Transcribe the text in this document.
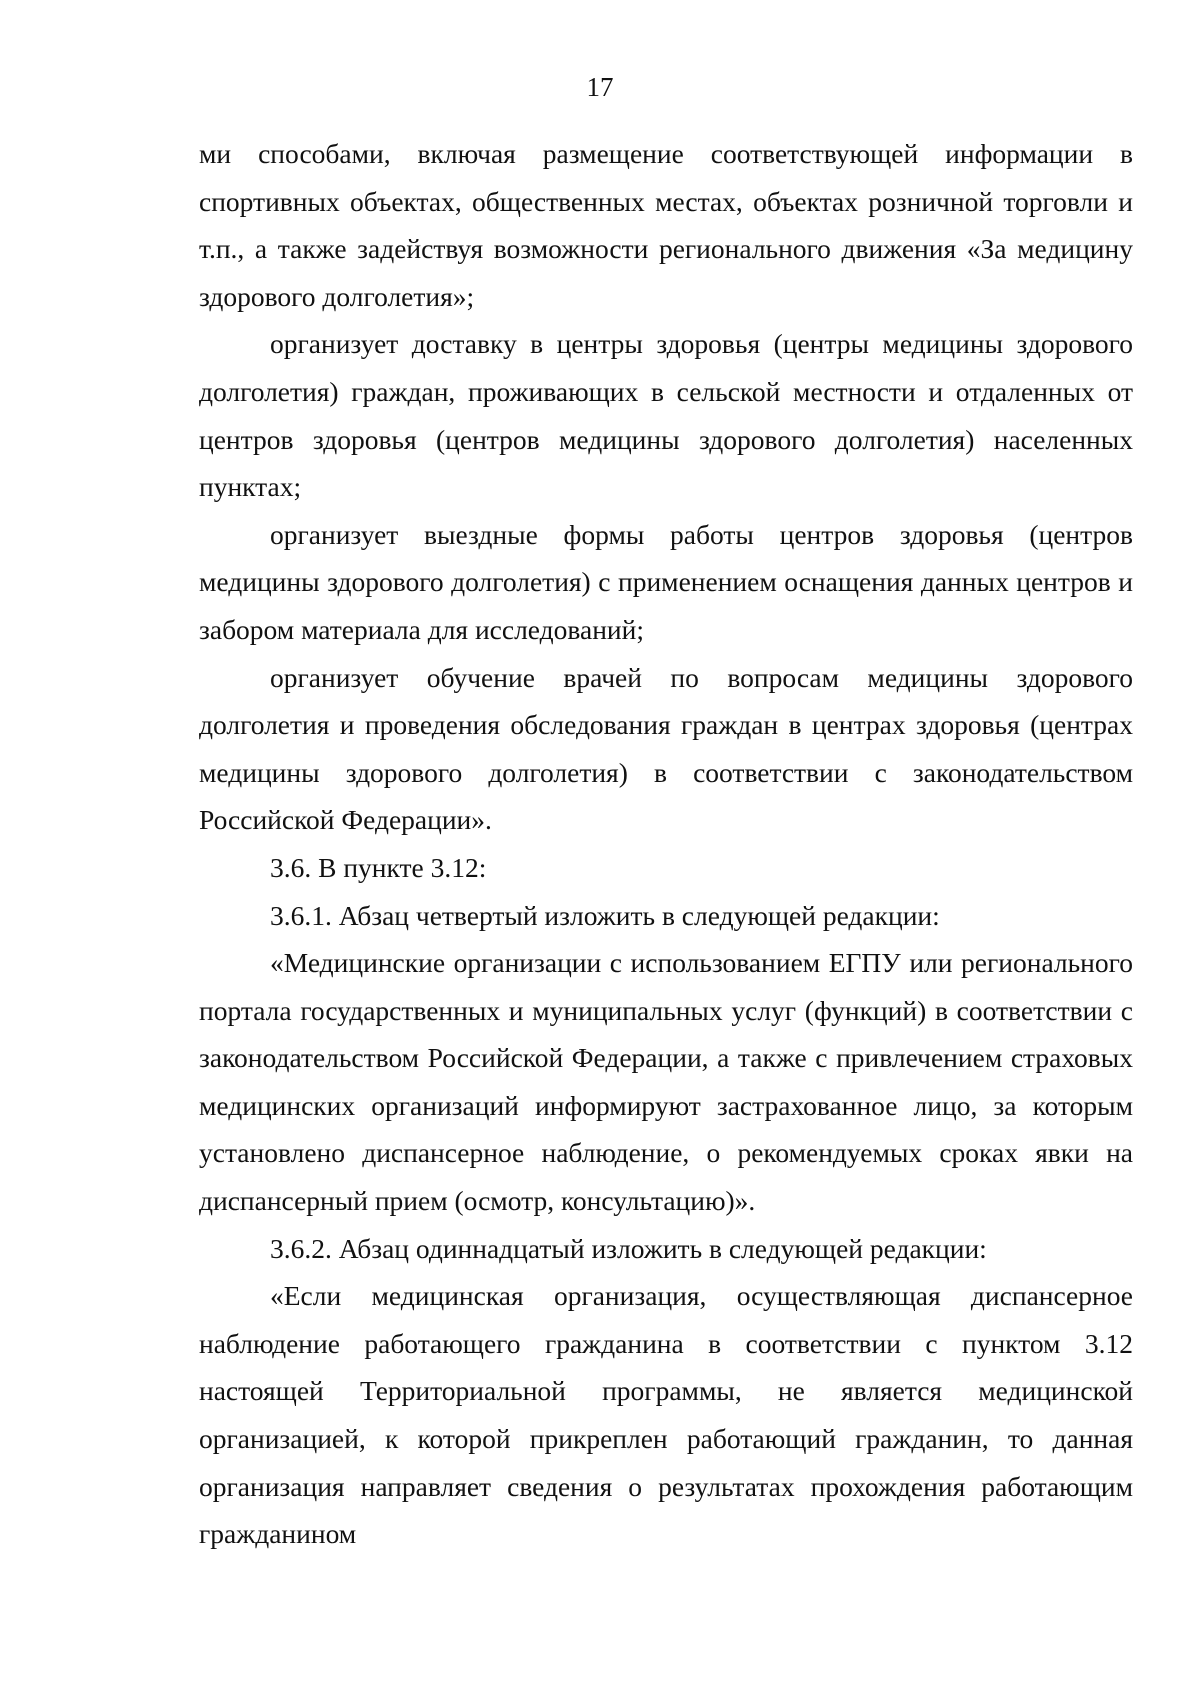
17

ми способами, включая размещение соответствующей информации в спортивных объектах, общественных местах, объектах розничной торговли и т.п., а также задействуя возможности регионального движения «За медицину здорового долголетия»;

организует доставку в центры здоровья (центры медицины здорового долголетия) граждан, проживающих в сельской местности и отдаленных от центров здоровья (центров медицины здорового долголетия) населенных пунктах;

организует выездные формы работы центров здоровья (центров медицины здорового долголетия) с применением оснащения данных центров и забором материала для исследований;

организует обучение врачей по вопросам медицины здорового долголетия и проведения обследования граждан в центрах здоровья (центрах медицины здорового долголетия) в соответствии с законодательством Российской Федерации».

3.6. В пункте 3.12:

3.6.1. Абзац четвертый изложить в следующей редакции:

«Медицинские организации с использованием ЕГПУ или регионального портала государственных и муниципальных услуг (функций) в соответствии с законодательством Российской Федерации, а также с привлечением страховых медицинских организаций информируют застрахованное лицо, за которым установлено диспансерное наблюдение, о рекомендуемых сроках явки на диспансерный прием (осмотр, консультацию)».

3.6.2. Абзац одиннадцатый изложить в следующей редакции:

«Если медицинская организация, осуществляющая диспансерное наблюдение работающего гражданина в соответствии с пунктом 3.12 настоящей Территориальной программы, не является медицинской организацией, к которой прикреплен работающий гражданин, то данная организация направляет сведения о результатах прохождения работающим гражданином
